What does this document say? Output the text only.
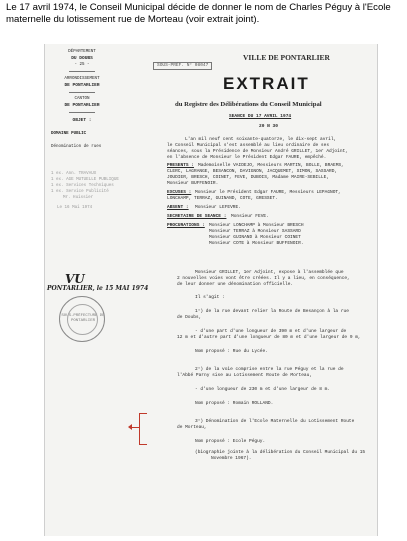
Le 17 avril 1974, le Conseil Municipal décide de donner le nom de Charles Péguy à l'Ecole maternelle du lotissement rue de Morteau (voir extrait joint).
DÉPARTEMENT
DU DOUBS
- 25 -
ARRONDISSEMENT
DE PONTARLIER
CANTON
DE PONTARLIER
OBJET :
DOMAINE PUBLIC
Dénomination de rues
1 ex. Ann. TRAVAUX
1 ex. AGE MUTUELLE PUBLIQUE
1 ex. Services Techniques
1 ex. Service Publicité
Mr. Huissier
Le 16 Mai 1974
VU
PONTARLIER, le 15 MAI 1974
SOUS-PRÉFECTURE DE PONTARLIER
VILLE DE PONTARLIER
SOUS-PRÉF. N° 08047
EXTRAIT
du Registre des Délibérations du Conseil Municipal
SEANCE DU 17 AVRIL 1974
20 N 30
L'an mil neuf cent soixante-quatorze, le dix-sept avril,
le Conseil Municipal s'est assemblé au lieu ordinaire de ses
séances, sous la Présidence de Monsieur André GRILLET, 1er Adjoint,
en l'absence de Monsieur le Président Edgar FAURE, empêché.
PRESENTS : Mademoiselle VAIDEJO, Messieurs MARTIN, BOLLE, BRAEMS,
CLERC, LAGRANGE, BESANCON, DAVIGNON, JACQUEMET, SIMON, SASSARD,
JOUDIER, BRESCH, COINET, FEVE, DUBOIS, Madame MAIRE-SEBILLE,
Monsieur BUFFENOIR.
EXCUSES : Monsieur le Président Edgar FAURE, Messieurs LEPAGNOT,
LONCHAMP, TERRAZ, GUINAND, COTE, GRESSET.
ABSENT : Monsieur LEFEVRE.
SECRETAIRE DE SEANCE : Monsieur FEVE.
PROCURATIONS : Monsieur LONCHAMP à Monsieur BRESCH
Monsieur TERRAZ à Monsieur SASSARD
Monsieur GUINAND à Monsieur COINET
Monsieur COTE à Monsieur BUFFENOIR.
Monsieur GRILLET, 1er Adjoint, expose à l'assemblée que
2 nouvelles voies vont être créées. Il y a lieu, en conséquence,
de leur donner une dénomination officielle.
Il s'agit :
1°) de la rue devant relier la Route de Besançon à la rue
de Doubs,
- d'une part d'une longueur de 390 m et d'une largeur de
12 m et d'autre part d'une longueur de 80 m et d'une largeur de 9 m,
Nom proposé : Rue du Lycée.
2°) de la voie comprise entre la rue Péguy et la rue de
l'Abbé Parny sise au Lotissement Route de Morteau,
- d'une longueur de 230 m et d'une largeur de 8 m.
Nom proposé : Romain ROLLAND.
3°) Dénomination de l'Ecole Maternelle du Lotissement Route
de Morteau,
Nom proposé : Ecole Péguy.
(biographie jointe à la délibération du Conseil Municipal du 15
Novembre 1967).
